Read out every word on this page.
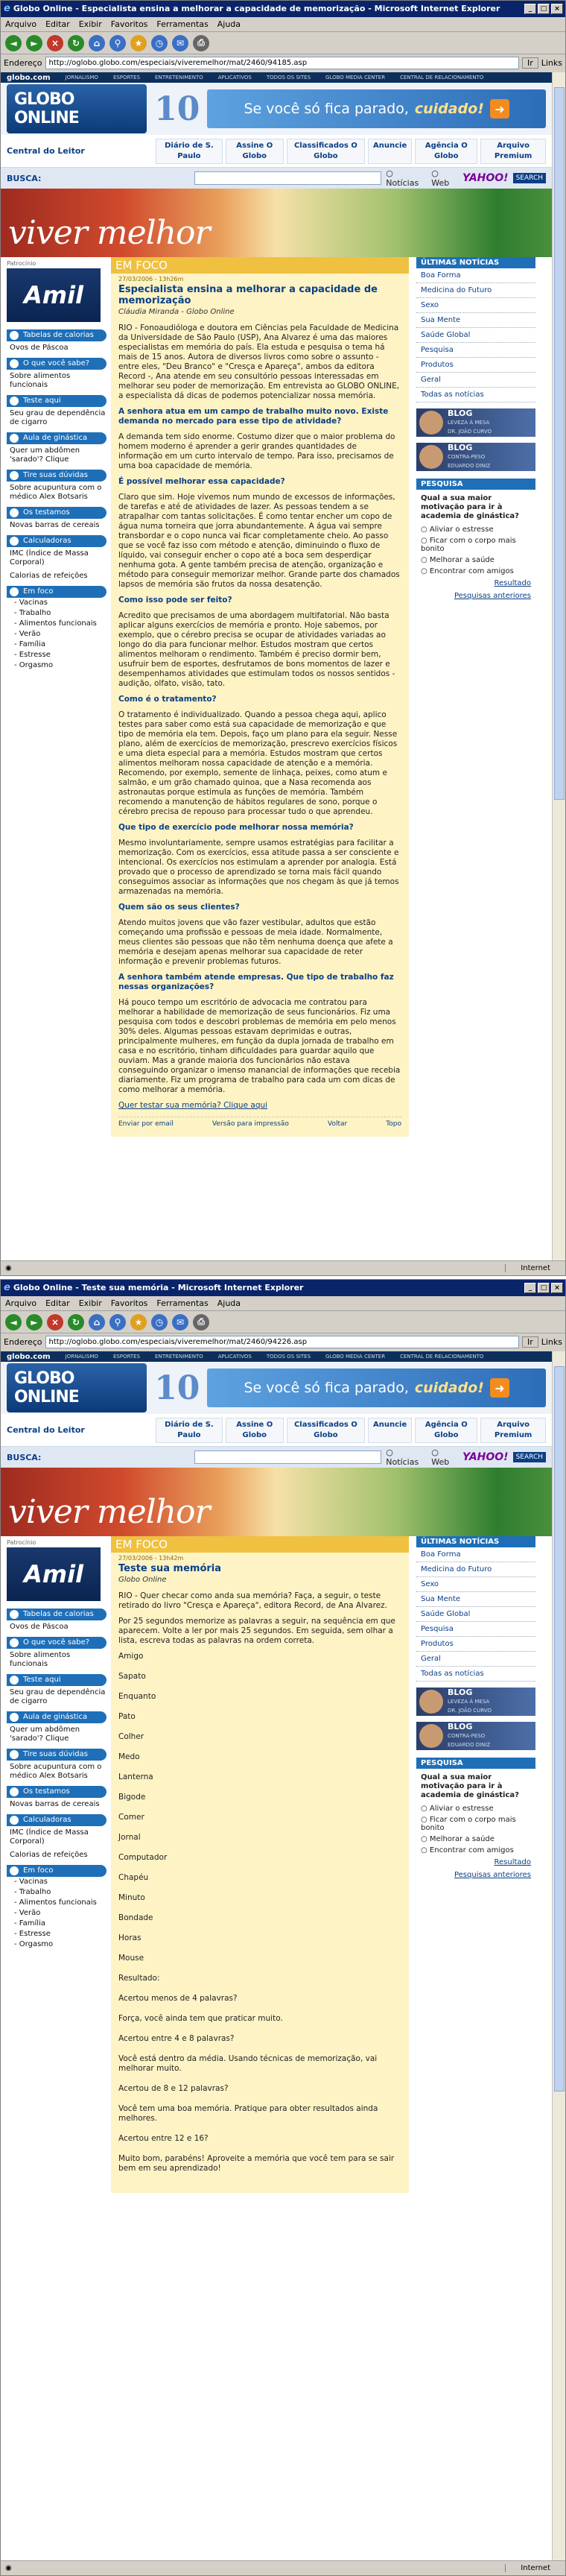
e Globo Online - Especialista ensina a melhorar a capacidade de memorização - Microsoft Internet Explorer	_	□	×
Arquivo Editar Exibir Favoritos Ferramentas Ajuda
◄	►	×	↻	⌂	⚲	★	◷	✉	⎙
Endereço http://oglobo.globo.com/especiais/viveremelhor/mat/2460/94185.asp	Ir	Links
globo.com	JORNALISMO	ESPORTES	ENTRETENIMENTO	APLICATIVOS	TODOS OS SITES	GLOBO MEDIA CENTER	CENTRAL DE RELACIONAMENTO
GLOBO ONLINE	10	Se você só fica parado, cuidado! ➜
Central do Leitor
Diário de S. Paulo
Assine O Globo
Classificados O Globo
Anuncie	Agência O Globo
Arquivo Premium
BUSCA:	○ Notícias
○ Web	YAHOO!	SEARCH
viver melhor
Patrocínio
Amil
Tabelas de calorias
Ovos de Páscoa
O que você sabe?
Sobre alimentos funcionais
Teste aqui
Seu grau de dependência de cigarro
Aula de ginástica
Quer um abdômen 'sarado'? Clique
Tire suas dúvidas
Sobre acupuntura com o médico Alex Botsaris
Os testamos
Novas barras de cereais
Calculadoras
IMC (Índice de Massa Corporal)
Calorias de refeições
Em foco
- Vacinas
- Trabalho
- Alimentos funcionais
- Verão
- Família
- Estresse
- Orgasmo
EM FOCO
27/03/2006 - 13h26m
Especialista ensina a melhorar a capacidade de memorização
Cláudia Miranda - Globo Online

RIO - Fonoaudióloga e doutora em Ciências pela Faculdade de Medicina da Universidade de São Paulo (USP), Ana Alvarez é uma das maiores especialistas em memória do país. Ela estuda e pesquisa o tema há mais de 15 anos. Autora de diversos livros como sobre o assunto - entre eles, "Deu Branco" e "Cresça e Apareça", ambos da editora Record -, Ana atende em seu consultório pessoas interessadas em melhorar seu poder de memorização. Em entrevista ao GLOBO ONLINE, a especialista dá dicas de podemos potencializar nossa memória.

A senhora atua em um campo de trabalho muito novo. Existe demanda no mercado para esse tipo de atividade?

A demanda tem sido enorme. Costumo dizer que o maior problema do homem moderno é aprender a gerir grandes quantidades de informação em um curto intervalo de tempo. Para isso, precisamos de uma boa capacidade de memória.

É possível melhorar essa capacidade?

Claro que sim. Hoje vivemos num mundo de excessos de informações, de tarefas e até de atividades de lazer. As pessoas tendem a se atrapalhar com tantas solicitações. É como tentar encher um copo de água numa torneira que jorra abundantemente. A água vai sempre transbordar e o copo nunca vai ficar completamente cheio. Ao passo que se você faz isso com método e atenção, diminuindo o fluxo de líquido, vai conseguir encher o copo até a boca sem desperdiçar nenhuma gota. A gente também precisa de atenção, organização e método para conseguir memorizar melhor. Grande parte dos chamados lapsos de memória são frutos da nossa desatenção.

Como isso pode ser feito?

Acredito que precisamos de uma abordagem multifatorial. Não basta aplicar alguns exercícios de memória e pronto. Hoje sabemos, por exemplo, que o cérebro precisa se ocupar de atividades variadas ao longo do dia para funcionar melhor. Estudos mostram que certos alimentos melhoram o rendimento. Também é preciso dormir bem, usufruir bem de esportes, desfrutamos de bons momentos de lazer e desempenhamos atividades que estimulam todos os nossos sentidos - audição, olfato, visão, tato.

Como é o tratamento?

O tratamento é individualizado. Quando a pessoa chega aqui, aplico testes para saber como está sua capacidade de memorização e que tipo de memória ela tem. Depois, faço um plano para ela seguir. Nesse plano, além de exercícios de memorização, prescrevo exercícios físicos e uma dieta especial para a memória. Estudos mostram que certos alimentos melhoram nossa capacidade de atenção e a memória. Recomendo, por exemplo, semente de linhaça, peixes, como atum e salmão, e um grão chamado quinoa, que a Nasa recomenda aos astronautas porque estimula as funções de memória. Também recomendo a manutenção de hábitos regulares de sono, porque o cérebro precisa de repouso para processar tudo o que aprendeu.

Que tipo de exercício pode melhorar nossa memória?

Mesmo involuntariamente, sempre usamos estratégias para facilitar a memorização. Com os exercícios, essa atitude passa a ser consciente e intencional. Os exercícios nos estimulam a aprender por analogia. Está provado que o processo de aprendizado se torna mais fácil quando conseguimos associar as informações que nos chegam às que já temos armazenadas na memória.

Quem são os seus clientes?

Atendo muitos jovens que vão fazer vestibular, adultos que estão começando uma profissão e pessoas de meia idade. Normalmente, meus clientes são pessoas que não têm nenhuma doença que afete a memória e desejam apenas melhorar sua capacidade de reter informação e prevenir problemas futuros.

A senhora também atende empresas. Que tipo de trabalho faz nessas organizações?

Há pouco tempo um escritório de advocacia me contratou para melhorar a habilidade de memorização de seus funcionários. Fiz uma pesquisa com todos e descobri problemas de memória em pelo menos 30% deles. Algumas pessoas estavam deprimidas e outras, principalmente mulheres, em função da dupla jornada de trabalho em casa e no escritório, tinham dificuldades para guardar aquilo que ouviam. Mas a grande maioria dos funcionários não estava conseguindo organizar o imenso manancial de informações que recebia diariamente. Fiz um programa de trabalho para cada um com dicas de como melhorar a memória.

Quer testar sua memória? Clique aqui

Enviar por email	Versão para impressão	Voltar	Topo
ÚLTIMAS NOTÍCIAS
Boa Forma
Medicina do Futuro
Sexo
Sua Mente
Saúde Global
Pesquisa
Produtos
Geral
Todas as notícias
BLOG
LEVEZA À MESA
DR. JOÃO CURVO
BLOG
CONTRA-PESO
EDUARDO DINIZ
PESQUISA
Qual a sua maior motivação para ir à academia de ginástica?
○ Aliviar o estresse
○ Ficar com o corpo mais bonito
○ Melhorar a saúde
○ Encontrar com amigos
Resultado
Pesquisas anteriores
◉	Internet
e Globo Online - Teste sua memória - Microsoft Internet Explorer	_	□	×
Arquivo Editar Exibir Favoritos Ferramentas Ajuda
◄	►	×	↻	⌂	⚲	★	◷	✉	⎙
Endereço http://oglobo.globo.com/especiais/viveremelhor/mat/2460/94226.asp	Ir	Links
globo.com	JORNALISMO	ESPORTES	ENTRETENIMENTO	APLICATIVOS	TODOS OS SITES	GLOBO MEDIA CENTER	CENTRAL DE RELACIONAMENTO
GLOBO ONLINE	10	Se você só fica parado, cuidado! ➜
Central do Leitor
Diário de S. Paulo
Assine O Globo
Classificados O Globo
Anuncie	Agência O Globo
Arquivo Premium
BUSCA:	○ Notícias
○ Web	YAHOO!	SEARCH
viver melhor
Patrocínio
Amil
Tabelas de calorias
Ovos de Páscoa
O que você sabe?
Sobre alimentos funcionais
Teste aqui
Seu grau de dependência de cigarro
Aula de ginástica
Quer um abdômen 'sarado'? Clique
Tire suas dúvidas
Sobre acupuntura com o médico Alex Botsaris
Os testamos
Novas barras de cereais
Calculadoras
IMC (Índice de Massa Corporal)
Calorias de refeições
Em foco
- Vacinas
- Trabalho
- Alimentos funcionais
- Verão
- Família
- Estresse
- Orgasmo
EM FOCO
27/03/2006 - 13h42m
Teste sua memória
Globo Online

RIO - Quer checar como anda sua memória? Faça, a seguir, o teste retirado do livro "Cresça e Apareça", editora Record, de Ana Alvarez.

Por 25 segundos memorize as palavras a seguir, na sequência em que aparecem. Volte a ler por mais 25 segundos. Em seguida, sem olhar a lista, escreva todas as palavras na ordem correta.

Amigo

Sapato

Enquanto

Pato

Colher

Medo

Lanterna

Bigode

Comer

Jornal

Computador

Chapéu

Minuto

Bondade

Horas

Mouse

Resultado:

Acertou menos de 4 palavras?

Força, você ainda tem que praticar muito.

Acertou entre 4 e 8 palavras?

Você está dentro da média. Usando técnicas de memorização, vai melhorar muito.

Acertou de 8 e 12 palavras?

Você tem uma boa memória. Pratique para obter resultados ainda melhores.

Acertou entre 12 e 16?

Muito bom, parabéns! Aproveite a memória que você tem para se sair bem em seu aprendizado!

ÚLTIMAS NOTÍCIAS
Boa Forma
Medicina do Futuro
Sexo
Sua Mente
Saúde Global
Pesquisa
Produtos
Geral
Todas as notícias
BLOG
LEVEZA À MESA
DR. JOÃO CURVO
BLOG
CONTRA-PESO
EDUARDO DINIZ
PESQUISA
Qual a sua maior motivação para ir à academia de ginástica?
○ Aliviar o estresse
○ Ficar com o corpo mais bonito
○ Melhorar a saúde
○ Encontrar com amigos
Resultado
Pesquisas anteriores
◉	Internet
